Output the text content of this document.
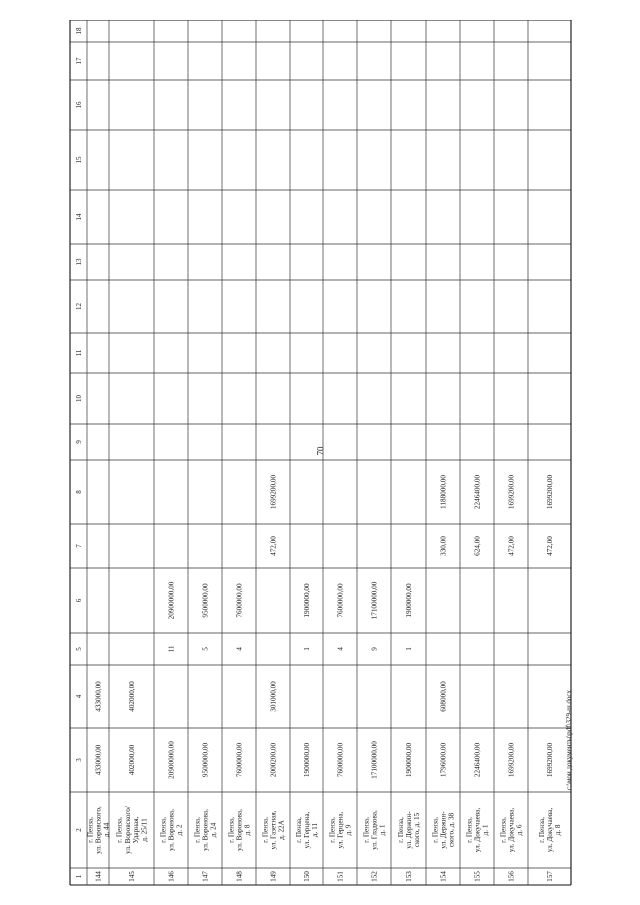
70
1
2
3
4
5
6
7
8
9
10
11
12
13
14
15
16
17
18
144
г. Пенза, ул. Воровского, д. 44
433000,00
433000,00
145
г. Пенза, ул. Воровского/ Ударная, д. 25/11
402000,00
402000,00
146
г. Пенза, ул. Воронова, д. 2
20900000,00
11
20900000,00
147
г. Пенза, ул. Воронова, д. 24
9500000,00
5
9500000,00
148
г. Пенза, ул. Воронова, д. 8
7600000,00
4
7600000,00
149
г. Пенза, ул. Газетная, д. 22А
2000200,00
301000,00
472,00
1699200,00
150
г. Пенза, ул. Герцена, д. 11
1900000,00
1
1900000,00
151
г. Пенза, ул. Герцена, д. 9
7600000,00
4
7600000,00
152
г. Пенза, ул. Гладкова, д. 1
17100000,00
9
17100000,00
153
г. Пенза, ул. Держин- ского, д. 15
1900000,00
1
1900000,00
154
г. Пенза, ул. Держин- ского, д. 38
1796000,00
608000,00
330,00
1188000,00
155
г. Пенза, ул. Докучаева, д. 1
2246400,00
624,00
2246400,00
156
г. Пенза, ул. Докучаева, д. 6
1699200,00
472,00
1699200,00
157
г. Пенза, ул. Докучаева, д. 8
1699200,00
472,00
1699200,00
c:\мои документы\pdf\329-ш.docx
